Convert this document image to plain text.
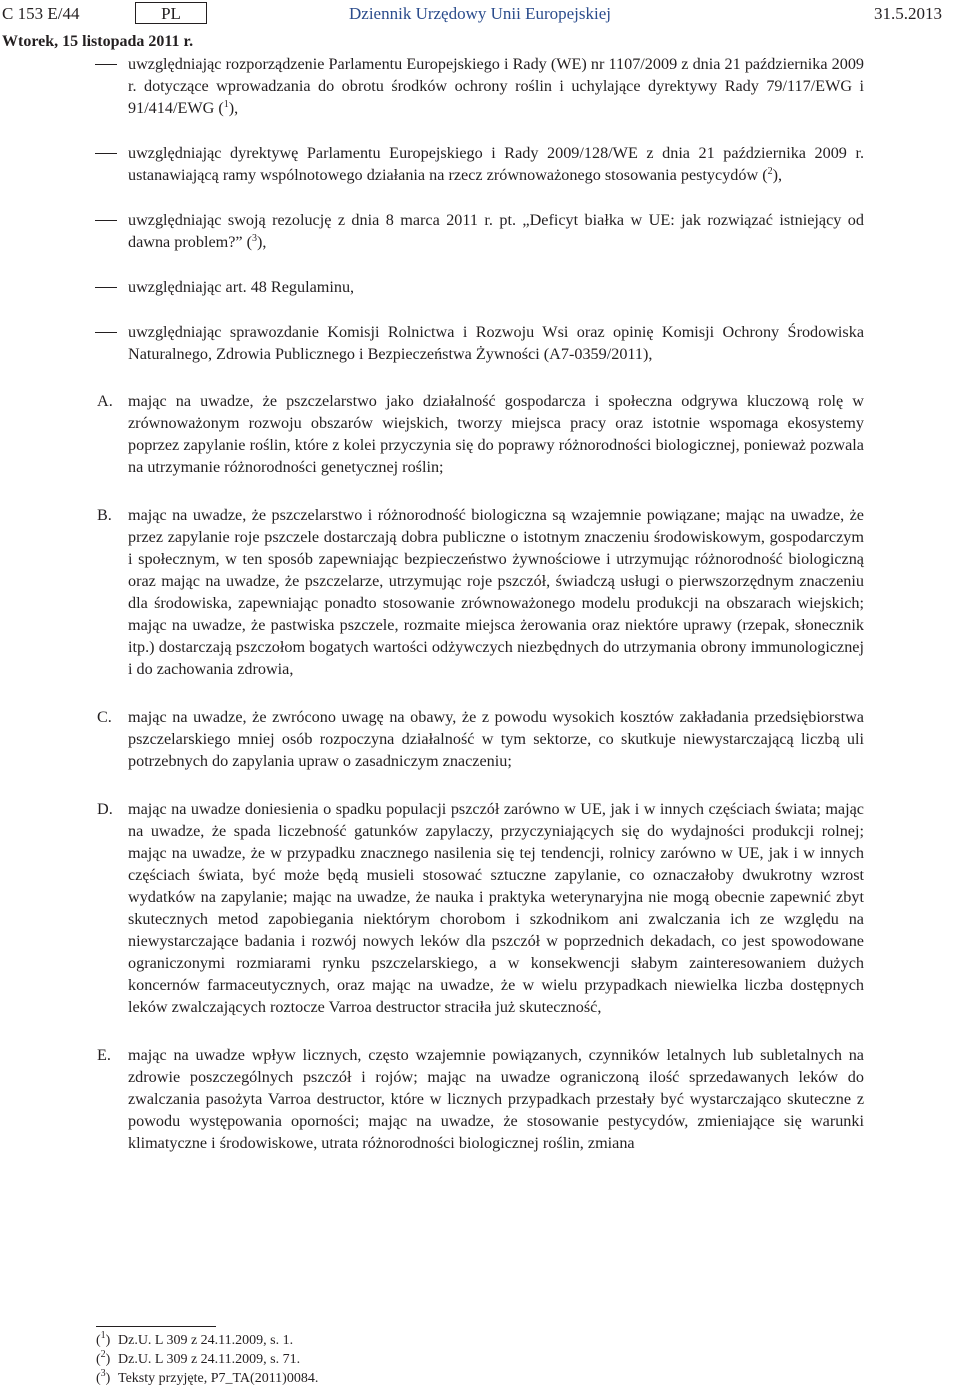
C 153 E/44	PL	Dziennik Urzędowy Unii Europejskiej	31.5.2013
Wtorek, 15 listopada 2011 r.
uwzględniając rozporządzenie Parlamentu Europejskiego i Rady (WE) nr 1107/2009 z dnia 21 października 2009 r. dotyczące wprowadzania do obrotu środków ochrony roślin i uchylające dyrektywy Rady 79/117/EWG i 91/414/EWG ($^1$),
uwzględniając dyrektywę Parlamentu Europejskiego i Rady 2009/128/WE z dnia 21 października 2009 r. ustanawiającą ramy wspólnotowego działania na rzecz zrównoważonego stosowania pestycydów ($^2$),
uwzględniając swoją rezolucję z dnia 8 marca 2011 r. pt. „Deficyt białka w UE: jak rozwiązać istniejący od dawna problem?” ($^3$),
uwzględniając art. 48 Regulaminu,
uwzględniając sprawozdanie Komisji Rolnictwa i Rozwoju Wsi oraz opinię Komisji Ochrony Środowiska Naturalnego, Zdrowia Publicznego i Bezpieczeństwa Żywności (A7-0359/2011),
A. mając na uwadze, że pszczelarstwo jako działalność gospodarcza i społeczna odgrywa kluczową rolę w zrównoważonym rozwoju obszarów wiejskich, tworzy miejsca pracy oraz istotnie wspomaga ekosystemy poprzez zapylanie roślin, które z kolei przyczynia się do poprawy różnorodności biologicznej, ponieważ pozwala na utrzymanie różnorodności genetycznej roślin;
B. mając na uwadze, że pszczelarstwo i różnorodność biologiczna są wzajemnie powiązane; mając na uwadze, że przez zapylanie roje pszczele dostarczają dobra publiczne o istotnym znaczeniu środowiskowym, gospodarczym i społecznym, w ten sposób zapewniając bezpieczeństwo żywnościowe i utrzymując różnorodność biologiczną oraz mając na uwadze, że pszczelarze, utrzymując roje pszczół, świadczą usługi o pierwszorzędnym znaczeniu dla środowiska, zapewniając ponadto stosowanie zrównoważonego modelu produkcji na obszarach wiejskich; mając na uwadze, że pastwiska pszczele, rozmaite miejsca żerowania oraz niektóre uprawy (rzepak, słonecznik itp.) dostarczają pszczołom bogatych wartości odżywczych niezbędnych do utrzymania obrony immunologicznej i do zachowania zdrowia,
C. mając na uwadze, że zwrócono uwagę na obawy, że z powodu wysokich kosztów zakładania przedsiębiorstwa pszczelarskiego mniej osób rozpoczyna działalność w tym sektorze, co skutkuje niewystarczającą liczbą uli potrzebnych do zapylania upraw o zasadniczym znaczeniu;
D. mając na uwadze doniesienia o spadku populacji pszczół zarówno w UE, jak i w innych częściach świata; mając na uwadze, że spada liczebność gatunków zapylaczy, przyczyniających się do wydajności produkcji rolnej; mając na uwadze, że w przypadku znacznego nasilenia się tej tendencji, rolnicy zarówno w UE, jak i w innych częściach świata, być może będą musieli stosować sztuczne zapylanie, co oznaczałoby dwukrotny wzrost wydatków na zapylanie; mając na uwadze, że nauka i praktyka weterynaryjna nie mogą obecnie zapewnić zbyt skutecznych metod zapobiegania niektórym chorobom i szkodnikom ani zwalczania ich ze względu na niewystarczające badania i rozwój nowych leków dla pszczół w poprzednich dekadach, co jest spowodowane ograniczonymi rozmiarami rynku pszczelarskiego, a w konsekwencji słabym zainteresowaniem dużych koncernów farmaceutycznych, oraz mając na uwadze, że w wielu przypadkach niewielka liczba dostępnych leków zwalczających roztocze Varroa destructor straciła już skuteczność,
E. mając na uwadze wpływ licznych, często wzajemnie powiązanych, czynników letalnych lub subletalnych na zdrowie poszczególnych pszczół i rojów; mając na uwadze ograniczoną ilość sprzedawanych leków do zwalczania pasożyta Varroa destructor, które w licznych przypadkach przestały być wystarczająco skuteczne z powodu występowania oporności; mając na uwadze, że stosowanie pestycydów, zmieniające się warunki klimatyczne i środowiskowe, utrata różnorodności biologicznej roślin, zmiana
($^1$) Dz.U. L 309 z 24.11.2009, s. 1.
($^2$) Dz.U. L 309 z 24.11.2009, s. 71.
($^3$) Teksty przyjęte, P7_TA(2011)0084.
